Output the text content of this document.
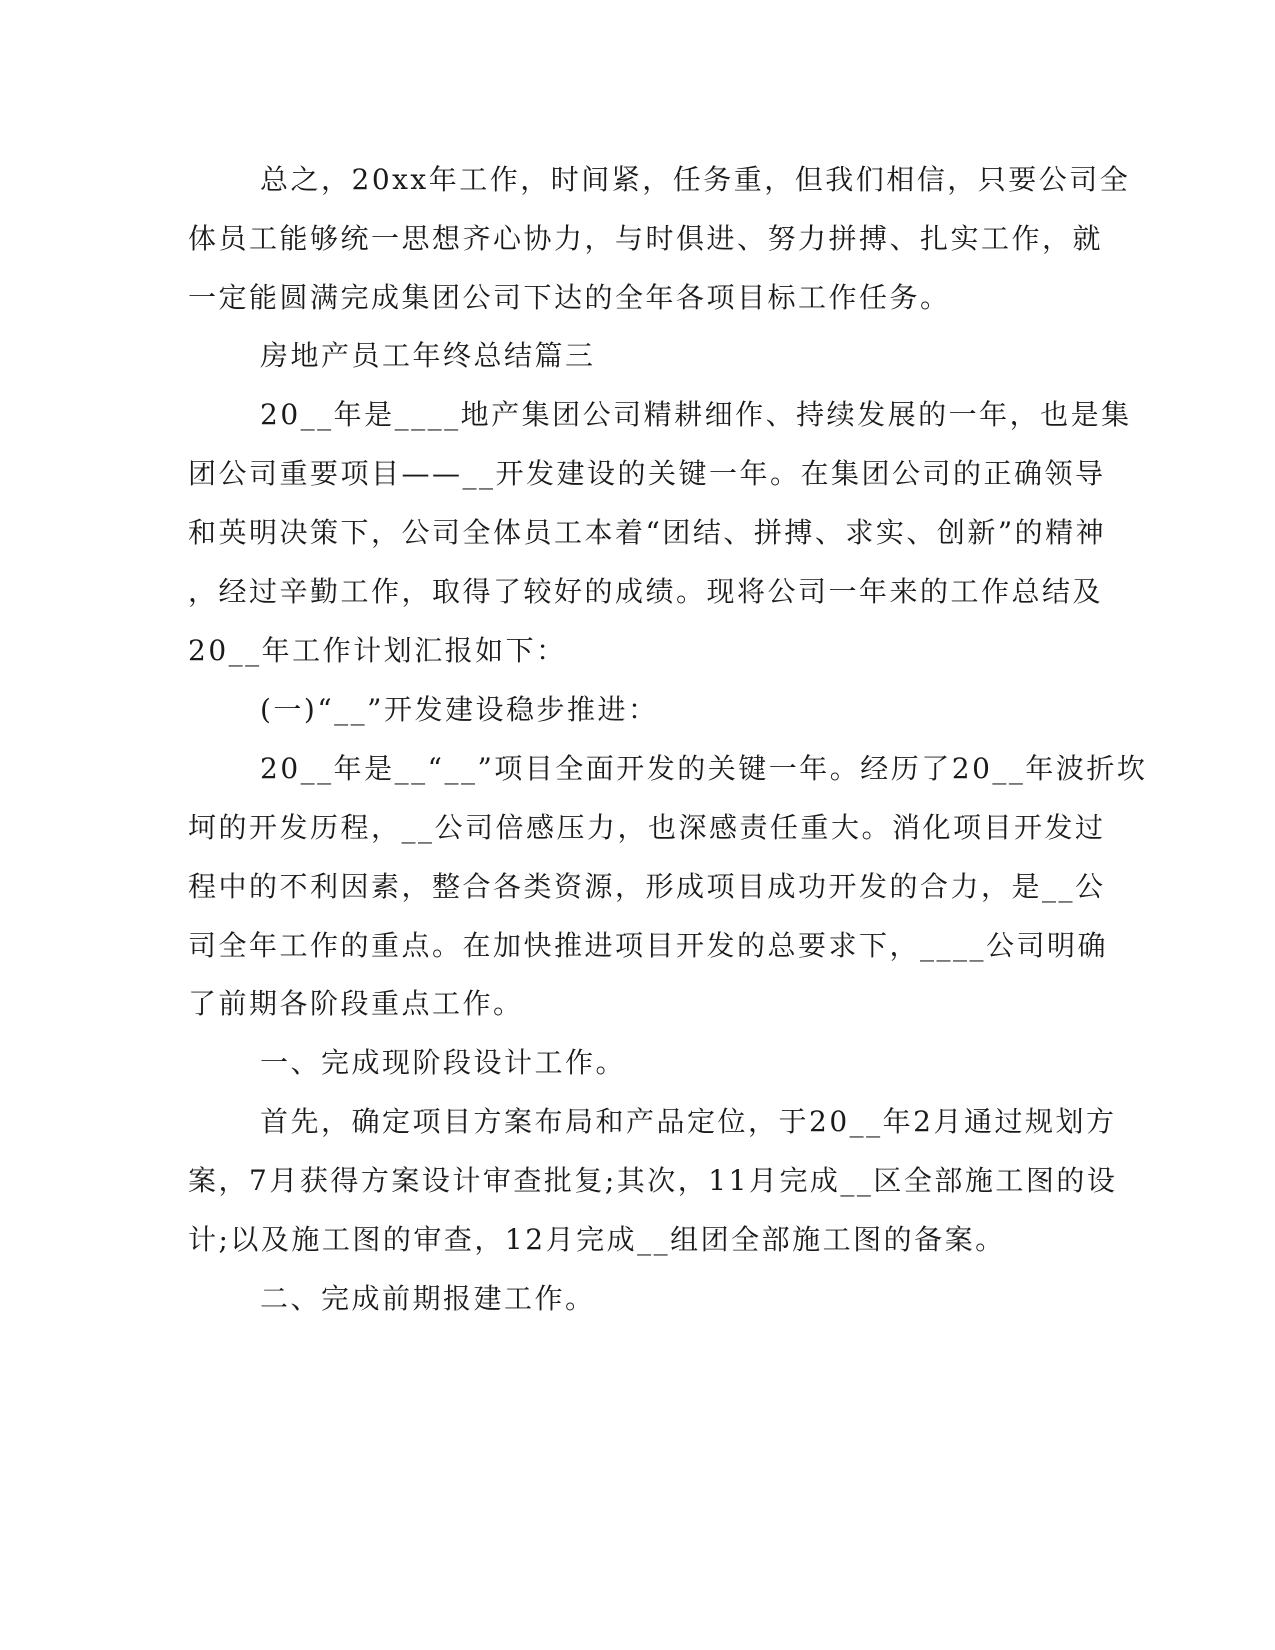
总之，20xx年工作，时间紧，任务重，但我们相信，只要公司全

体员工能够统一思想齐心协力，与时俱进、努力拼搏、扎实工作，就

一定能圆满完成集团公司下达的全年各项目标工作任务。

房地产员工年终总结篇三

20__年是____地产集团公司精耕细作、持续发展的一年，也是集

团公司重要项目——__开发建设的关键一年。在集团公司的正确领导

和英明决策下，公司全体员工本着“团结、拼搏、求实、创新”的精神

，经过辛勤工作，取得了较好的成绩。现将公司一年来的工作总结及

20__年工作计划汇报如下：

(一)“__”开发建设稳步推进：

20__年是__“__”项目全面开发的关键一年。经历了20__年波折坎

坷的开发历程，__公司倍感压力，也深感责任重大。消化项目开发过

程中的不利因素，整合各类资源，形成项目成功开发的合力，是__公

司全年工作的重点。在加快推进项目开发的总要求下，____公司明确

了前期各阶段重点工作。

一、完成现阶段设计工作。

首先，确定项目方案布局和产品定位，于20__年2月通过规划方

案，7月获得方案设计审查批复;其次，11月完成__区全部施工图的设

计;以及施工图的审查，12月完成__组团全部施工图的备案。

二、完成前期报建工作。
